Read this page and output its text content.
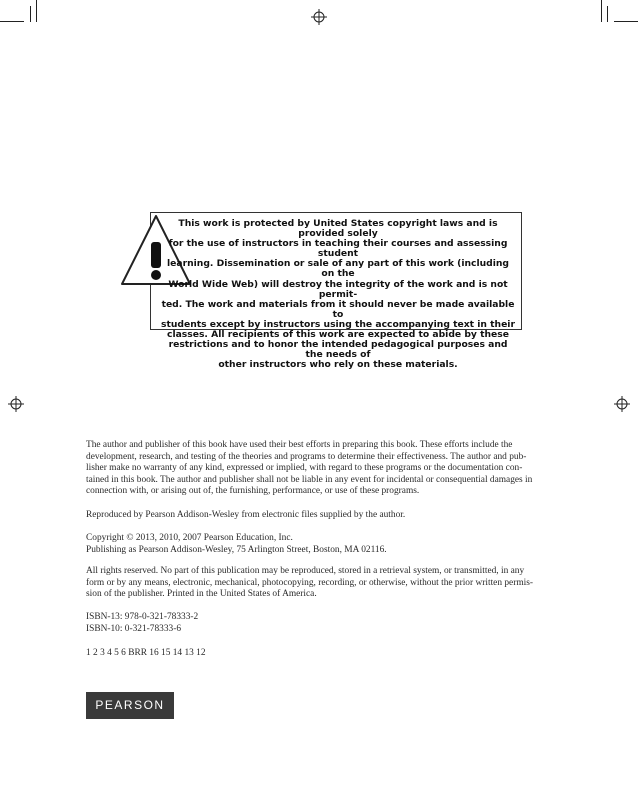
This work is protected by United States copyright laws and is provided solely
for the use of instructors in teaching their courses and assessing student
learning. Dissemination or sale of any part of this work (including on the
World Wide Web) will destroy the integrity of the work and is not permit-
ted. The work and materials from it should never be made available to
students except by instructors using the accompanying text in their
classes. All recipients of this work are expected to abide by these
restrictions and to honor the intended pedagogical purposes and the needs of
other instructors who rely on these materials.

The author and publisher of this book have used their best efforts in preparing this book. These efforts include the
development, research, and testing of the theories and programs to determine their effectiveness. The author and pub-
lisher make no warranty of any kind, expressed or implied, with regard to these programs or the documentation con-
tained in this book. The author and publisher shall not be liable in any event for incidental or consequential damages in
connection with, or arising out of, the furnishing, performance, or use of these programs.

Reproduced by Pearson Addison-Wesley from electronic files supplied by the author.

Copyright © 2013, 2010, 2007 Pearson Education, Inc.
Publishing as Pearson Addison-Wesley, 75 Arlington Street, Boston, MA 02116.

All rights reserved. No part of this publication may be reproduced, stored in a retrieval system, or transmitted, in any
form or by any means, electronic, mechanical, photocopying, recording, or otherwise, without the prior written permis-
sion of the publisher. Printed in the United States of America.

ISBN-13: 978-0-321-78333-2
ISBN-10: 0-321-78333-6

1 2 3 4 5 6 BRR 16 15 14 13 12

PEARSON
